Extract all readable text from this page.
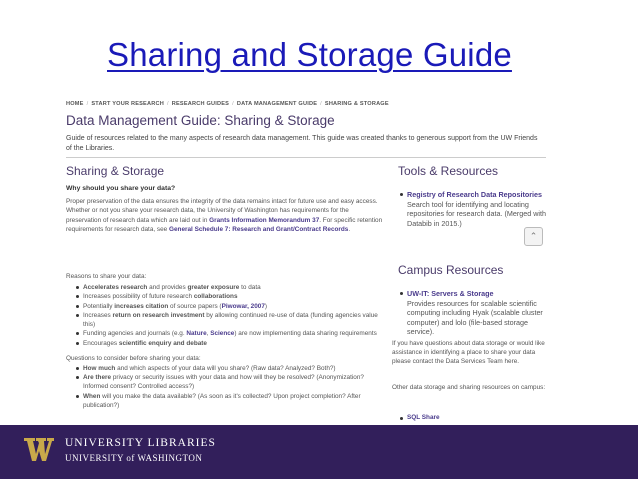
Sharing and Storage Guide
HOME / START YOUR RESEARCH / RESEARCH GUIDES / DATA MANAGEMENT GUIDE / SHARING & STORAGE
Data Management Guide: Sharing & Storage
Guide of resources related to the many aspects of research data management. This guide was created thanks to generous support from the UW Friends of the Libraries.
Sharing & Storage
Why should you share your data?
Proper preservation of the data ensures the integrity of the data remains intact for future use and easy access. Whether or not you share your research data, the University of Washington has requirements for the preservation of research data which are laid out in Grants Information Memorandum 37. For specific retention requirements for research data, see General Schedule 7: Research and Grant/Contract Records.
Reasons to share your data:
Accelerates research and provides greater exposure to data
Increases possibility of future research collaborations
Potentially increases citation of source papers (Piwowar, 2007)
Increases return on research investment by allowing continued re-use of data (funding agencies value this)
Funding agencies and journals (e.g. Nature, Science) are now implementing data sharing requirements
Encourages scientific enquiry and debate
Questions to consider before sharing your data:
How much and which aspects of your data will you share? (Raw data? Analyzed? Both?)
Are there privacy or security issues with your data and how will they be resolved? (Anonymization? Informed consent? Controlled access?)
When will you make the data available? (As soon as it's collected? Upon project completion? After publication?)
Tools & Resources
Registry of Research Data Repositories
Search tool for identifying and locating repositories for research data. (Merged with Databib in 2015.)
⌃
Campus Resources
UW-IT: Servers & Storage
Provides resources for scalable scientific computing including Hyak (scalable cluster computer) and lolo (file-based storage service).
If you have questions about data storage or would like assistance in identifying a place to share your data please contact the Data Services Team here.
Other data storage and sharing resources on campus:
SQL Share
UNIVERSITY LIBRARIES
UNIVERSITY of WASHINGTON
